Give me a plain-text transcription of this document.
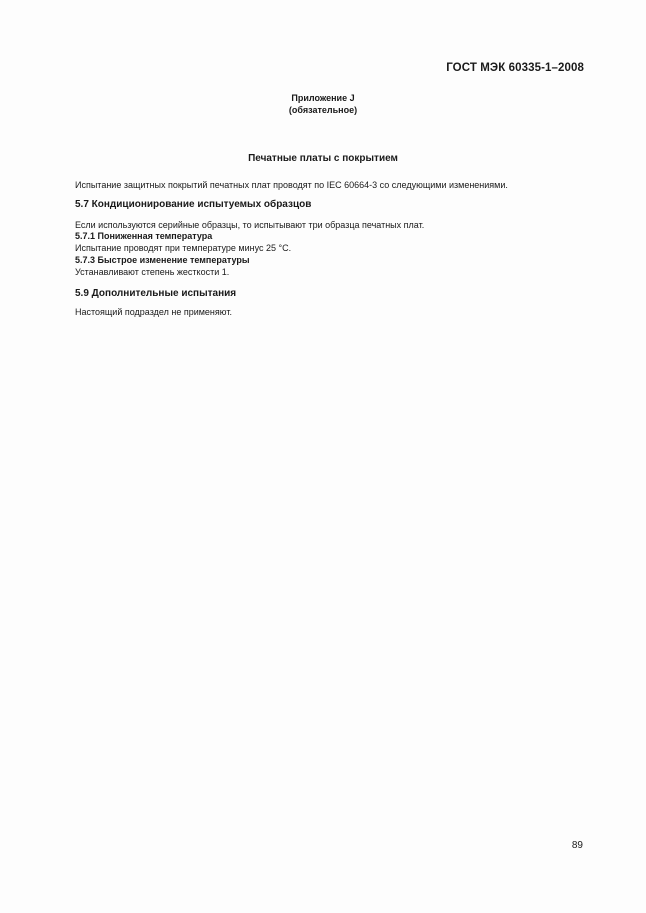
ГОСТ МЭК 60335-1–2008
Приложение J
(обязательное)
Печатные платы с покрытием
Испытание защитных покрытий печатных плат проводят по IEC 60664-3 со следующими изменениями.
5.7 Кондиционирование испытуемых образцов
Если используются серийные образцы, то испытывают три образца печатных плат.
5.7.1 Пониженная температура
Испытание проводят при температуре минус 25 °С.
5.7.3 Быстрое изменение температуры
Устанавливают степень жесткости 1.
5.9 Дополнительные испытания
Настоящий подраздел не применяют.
89
